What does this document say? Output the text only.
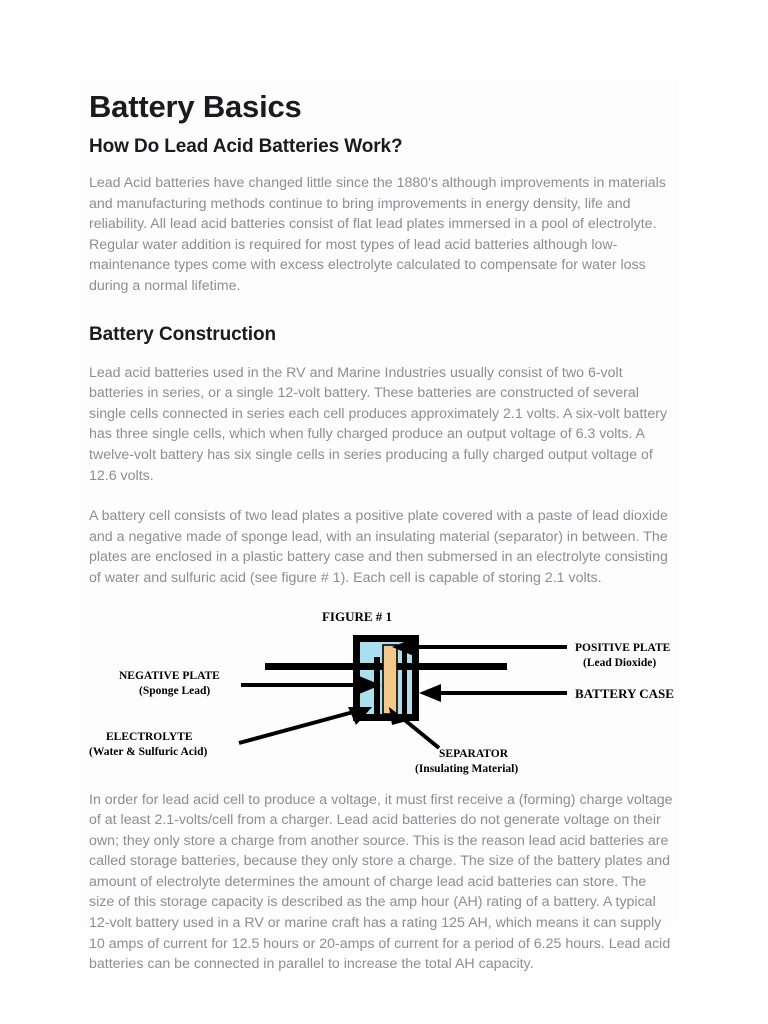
Battery Basics
How Do Lead Acid Batteries Work?

Lead Acid batteries have changed little since the 1880's although improvements in materials and manufacturing methods continue to bring improvements in energy density, life and reliability. All lead acid batteries consist of flat lead plates immersed in a pool of electrolyte. Regular water addition is required for most types of lead acid batteries although low-maintenance types come with excess electrolyte calculated to compensate for water loss during a normal lifetime.

Battery Construction

Lead acid batteries used in the RV and Marine Industries usually consist of two 6-volt batteries in series, or a single 12-volt battery. These batteries are constructed of several single cells connected in series each cell produces approximately 2.1 volts. A six-volt battery has three single cells, which when fully charged produce an output voltage of 6.3 volts. A twelve-volt battery has six single cells in series producing a fully charged output voltage of 12.6 volts.

A battery cell consists of two lead plates a positive plate covered with a paste of lead dioxide and a negative made of sponge lead, with an insulating material (separator) in between. The plates are enclosed in a plastic battery case and then submersed in an electrolyte consisting of water and sulfuric acid (see figure # 1). Each cell is capable of storing 2.1 volts.

FIGURE # 1
POSITIVE PLATE
(Lead Dioxide)
BATTERY CASE
NEGATIVE PLATE
(Sponge Lead)
ELECTROLYTE
(Water & Sulfuric Acid)	SEPARATOR
(Insulating Material)

In order for lead acid cell to produce a voltage, it must first receive a (forming) charge voltage of at least 2.1-volts/cell from a charger. Lead acid batteries do not generate voltage on their own; they only store a charge from another source. This is the reason lead acid batteries are called storage batteries, because they only store a charge. The size of the battery plates and amount of electrolyte determines the amount of charge lead acid batteries can store. The size of this storage capacity is described as the amp hour (AH) rating of a battery. A typical 12-volt battery used in a RV or marine craft has a rating 125 AH, which means it can supply 10 amps of current for 12.5 hours or 20-amps of current for a period of 6.25 hours. Lead acid batteries can be connected in parallel to increase the total AH capacity.
